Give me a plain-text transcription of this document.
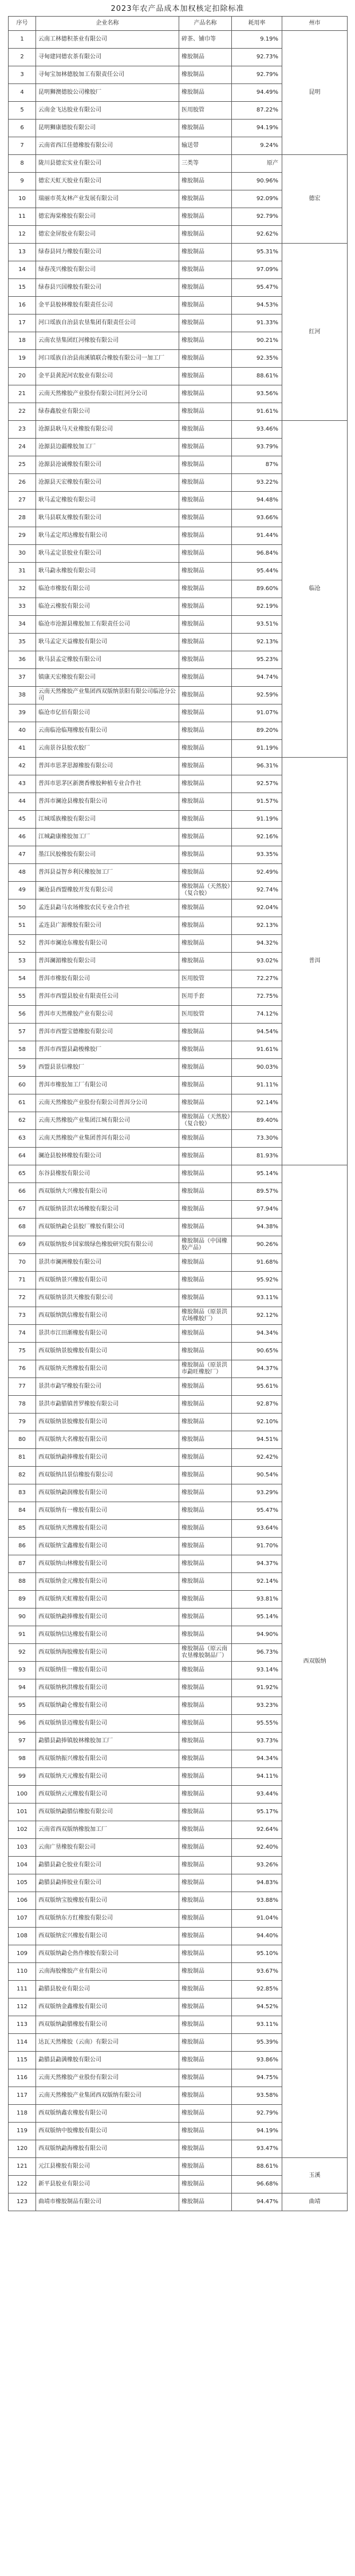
2023年农产品成本加权核定扣除标准
序号	企业名称	产品名称	耗用率	州市
1	云南工林德积茶业有限公司	碎茶、铺巾等	9.19%	昆明
2	寻甸建同德农茶有限公司	橡胶制品	92.73%	
3	寻甸宝加林德胶加工有限责任公司	橡胶制品	92.79%	
4	昆明狮澳德胶公司橡胶厂	橡胶制品	94.49%	
5	云南金飞达胶业有限公司	医用胶管	87.22%	
6	昆明狮康德胶有限公司	橡胶制品	94.19%	
7	云南省西江佳德橡胶有限公司	输送带	9.24%	
8	陇川县德宏实业有限公司	三类等	原产	德宏
9	德宏天虹天胶业有限公司	橡胶制品	90.96%	
10	瑞丽市英友林产业发展有限公司	橡胶制品	92.09%	
11	德宏海棠橡胶有限公司	橡胶制品	92.79%	
12	德宏金屏胶业有限公司	橡胶制品	92.62%	
13	绿春县同力橡胶有限公司	橡胶制品	95.31%	红河
14	绿春茂兴橡胶有限公司	橡胶制品	97.09%	
15	绿春县兴国橡胶有限公司	橡胶制品	95.47%	
16	金平县胶林橡胶有限责任公司	橡胶制品	94.53%	
17	河口瑶族自治县农垦集团有限责任公司	橡胶制品	91.33%	
18	云南农垦集团红河橡胶有限公司	橡胶制品	90.21%	
19	河口瑶族自治县南溪镇联合橡胶有限公司一加工厂	橡胶制品	92.35%	
20	金平县黄泥河农胶业有限公司	橡胶制品	88.61%	
21	云南天然橡胶产业股份有限公司红河分公司	橡胶制品	93.56%	
22	绿春鑫胶业有限公司	橡胶制品	91.61%	
23	沧源县耿马天业橡胶有限公司	橡胶制品	93.46%	临沧
24	沧源县边疆橡胶加工厂	橡胶制品	93.79%	
25	沧源县沧诚橡胶有限公司	橡胶制品	87%	
26	沧源县天宏橡胶有限公司	橡胶制品	93.22%	
27	耿马孟定橡胶有限公司	橡胶制品	94.48%	
28	耿马县联友橡胶有限公司	橡胶制品	93.66%	
29	耿马孟定邦达橡胶有限公司	橡胶制品	91.44%	
30	耿马孟定景胶业有限公司	橡胶制品	96.84%	
31	耿马勐永橡胶有限公司	橡胶制品	95.44%	
32	临沧市橡胶有限公司	橡胶制品	89.60%	
33	临沧云橡胶有限公司	橡胶制品	92.19%	
34	临沧市沧源县橡胶加工有限责任公司	橡胶制品	93.51%	
35	耿马孟定天益橡胶有限公司	橡胶制品	92.13%	
36	耿马县孟定橡胶有限公司	橡胶制品	95.23%	
37	镇康天宏橡胶有限公司	橡胶制品	94.74%	
38	云南天然橡胶产业集团西双版纳景阳有限公司临沧分公司	橡胶制品	92.59%	
39	临沧市亿佰有限公司	橡胶制品	91.07%	
40	云南临沧临翔橡胶有限公司	橡胶制品	89.20%	
41	云南景谷县胶农胶厂	橡胶制品	91.19%	
42	普洱市思茅思源橡胶有限公司	橡胶制品	96.31%	普洱
43	普洱市思茅区新澳香橡胶种植专业合作社	橡胶制品	92.57%	
44	普洱市澜沧县橡胶有限公司	橡胶制品	91.57%	
45	江城瑶族橡胶有限公司	橡胶制品	91.19%	
46	江城勐康橡胶加工厂	橡胶制品	92.16%	
47	墨江民胶橡胶有限公司	橡胶制品	93.35%	
48	普洱县益智乡利民橡胶加工厂	橡胶制品	92.49%	
49	澜沧县西盟橡胶开发有限公司	橡胶制品（天然胶）（复合胶）	92.74%	
50	孟连县勐马农场橡胶农民专业合作社	橡胶制品	92.04%	
51	孟连县广源橡胶有限公司	橡胶制品	92.13%	
52	普洱市澜沧东橡胶有限公司	橡胶制品	94.32%	
53	普洱澜湄橡胶有限公司	橡胶制品	93.02%	
54	普洱市橡胶有限公司	医用胶管	72.27%	
55	普洱市西盟县胶业有限责任公司	医用手套	72.75%	
56	普洱市天然橡胶产业有限公司	医用胶管	74.12%	
57	普洱市西盟宝德橡胶有限公司	橡胶制品	94.54%	
58	普洱市西盟县勐梭橡胶厂	橡胶制品	91.61%	
59	西盟县景信橡胶厂	橡胶制品	90.03%	
60	普洱市橡胶加工厂有限公司	橡胶制品	91.11%	
61	云南天然橡胶产业股份有限公司普洱分公司	橡胶制品	92.14%	
62	云南天然橡胶产业集团江城有限公司	橡胶制品（天然胶）（复合胶）	89.40%	
63	云南天然橡胶产业集团普洱有限公司	橡胶制品	73.30%	
64	澜沧县胶林橡胶有限公司	橡胶制品	81.93%	
65	东谷县橡胶有限公司	橡胶制品	95.14%	西双版纳
66	西双版纳大兴橡胶有限公司	橡胶制品	89.57%	
67	西双版纳景洪农场橡胶有限公司	橡胶制品	97.94%	
68	西双版纳勐仑县胶厂橡胶有限公司	橡胶制品	94.38%	
69	西双版纳胶乡国家级绿色橡胶研究院有限公司	橡胶制品（中国橡胶产品）	90.26%	
70	景洪市澜洲橡胶有限公司	橡胶制品	91.68%	
71	西双版纳景兴橡胶有限公司	橡胶制品	95.92%	
72	西双版纳景洪天橡胶有限公司	橡胶制品	93.11%	
73	西双版纳凯信橡胶有限公司	橡胶制品（原景洪农场橡胶厂）	92.12%	
74	景洪市江田渐橡胶有限公司	橡胶制品	94.34%	
75	西双版纳景胶橡胶有限公司	橡胶制品	90.65%	
76	西双版纳天然橡胶有限公司	橡胶制品（原景洪市勐旺橡胶厂）	94.37%	
77	景洪市勐罕橡胶有限公司	橡胶制品	95.61%	
78	景洪市勐腊镇普罗橡胶有限公司	橡胶制品	92.87%	
79	西双版纳景胶橡胶有限公司	橡胶制品	92.10%	
80	西双版纳大名橡胶有限公司	橡胶制品	94.51%	
81	西双版纳勐捧橡胶有限公司	橡胶制品	92.42%	
82	西双版纳昌景信橡胶有限公司	橡胶制品	90.54%	
83	西双版纳勐润橡胶有限公司	橡胶制品	93.29%	
84	西双版纳有一橡胶有限公司	橡胶制品	95.47%	
85	西双版纳天然橡胶有限公司	橡胶制品	93.64%	
86	西双版纳宝鑫橡胶有限公司	橡胶制品	91.70%	
87	西双版纳山林橡胶有限公司	橡胶制品	94.37%	
88	西双版纳金元橡胶有限公司	橡胶制品	92.14%	
89	西双版纳天虹橡胶有限公司	橡胶制品	93.81%	
90	西双版纳勐捧橡胶有限公司	橡胶制品	95.14%	
91	西双版纳信达橡胶有限公司	橡胶制品	94.90%	
92	西双版纳海胶橡胶有限公司	橡胶制品（原云南农垦橡胶制品厂）	96.73%	
93	西双版纳佳一橡胶有限公司	橡胶制品	93.14%	
94	西双版纳秋洪橡胶有限公司	橡胶制品	91.92%	
95	西双版纳勐仑橡胶有限公司	橡胶制品	93.23%	
96	西双版纳景迈橡胶有限公司	橡胶制品	95.55%	
97	勐腊县勐捧镇胶林橡胶加工厂	橡胶制品	93.73%	
98	西双版纳振兴橡胶有限公司	橡胶制品	94.34%	
99	西双版纳天元橡胶有限公司	橡胶制品	94.11%	
100	西双版纳云元橡胶有限公司	橡胶制品	93.44%	
101	西双版纳勐腊信橡胶有限公司	橡胶制品	95.17%	
102	云南省西双版纳橡胶加工厂	橡胶制品	92.64%	
103	云南广垦橡胶有限公司	橡胶制品	92.40%	
104	勐腊县勐仑胶业有限公司	橡胶制品	93.26%	
105	勐腊县勐捧胶业有限公司	橡胶制品	94.83%	
106	西双版纳宝胶橡胶有限公司	橡胶制品	93.88%	
107	西双版纳东方红橡胶有限公司	橡胶制品	91.04%	
108	西双版纳宏兴橡胶有限公司	橡胶制品	94.40%	
109	西双版纳勐仑热作橡胶有限公司	橡胶制品	95.10%	
110	云南海胶橡胶产业有限公司	橡胶制品	93.67%	
111	勐腊县胶业有限公司	橡胶制品	92.85%	
112	西双版纳金鑫橡胶有限公司	橡胶制品	94.52%	
113	西双版纳勐腊橡胶有限公司	橡胶制品	93.11%	
114	达瓦天然橡胶（云南）有限公司	橡胶制品	95.39%	
115	勐腊县勐满橡胶有限公司	橡胶制品	93.86%	
116	云南天然橡胶产业股份有限公司	橡胶制品	94.75%	
117	云南天然橡胶产业集团西双版纳有限公司	橡胶制品	93.58%	
118	西双版纳鑫农橡胶有限公司	橡胶制品	92.79%	
119	西双版纳中胶橡胶有限公司	橡胶制品	94.19%	
120	西双版纳勐海橡胶有限公司	橡胶制品	93.47%	
121	元江县橡胶有限公司	橡胶制品	88.61%	玉溪
122	新平县胶业有限公司	橡胶制品	96.68%	
123	曲靖市橡胶制品有限公司	橡胶制品	94.47%	曲靖
